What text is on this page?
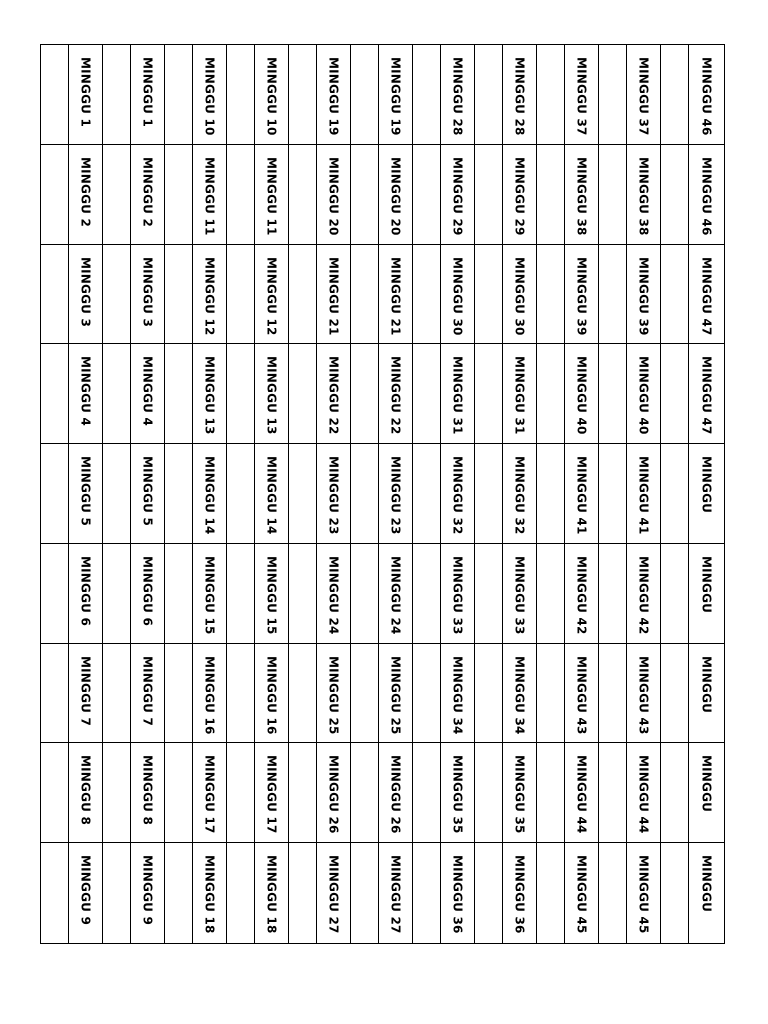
MINGGU 1	MINGGU 1	MINGGU 10	MINGGU 10	MINGGU 19	MINGGU 19	MINGGU 28	MINGGU 28	MINGGU 37	MINGGU 37	MINGGU 46
MINGGU 2	MINGGU 2	MINGGU 11	MINGGU 11	MINGGU 20	MINGGU 20	MINGGU 29	MINGGU 29	MINGGU 38	MINGGU 38	MINGGU 46
MINGGU 3	MINGGU 3	MINGGU 12	MINGGU 12	MINGGU 21	MINGGU 21	MINGGU 30	MINGGU 30	MINGGU 39	MINGGU 39	MINGGU 47
MINGGU 4	MINGGU 4	MINGGU 13	MINGGU 13	MINGGU 22	MINGGU 22	MINGGU 31	MINGGU 31	MINGGU 40	MINGGU 40	MINGGU 47
MINGGU 5	MINGGU 5	MINGGU 14	MINGGU 14	MINGGU 23	MINGGU 23	MINGGU 32	MINGGU 32	MINGGU 41	MINGGU 41	MINGGU
MINGGU 6	MINGGU 6	MINGGU 15	MINGGU 15	MINGGU 24	MINGGU 24	MINGGU 33	MINGGU 33	MINGGU 42	MINGGU 42	MINGGU
MINGGU 7	MINGGU 7	MINGGU 16	MINGGU 16	MINGGU 25	MINGGU 25	MINGGU 34	MINGGU 34	MINGGU 43	MINGGU 43	MINGGU
MINGGU 8	MINGGU 8	MINGGU 17	MINGGU 17	MINGGU 26	MINGGU 26	MINGGU 35	MINGGU 35	MINGGU 44	MINGGU 44	MINGGU
MINGGU 9	MINGGU 9	MINGGU 18	MINGGU 18	MINGGU 27	MINGGU 27	MINGGU 36	MINGGU 36	MINGGU 45	MINGGU 45	MINGGU
